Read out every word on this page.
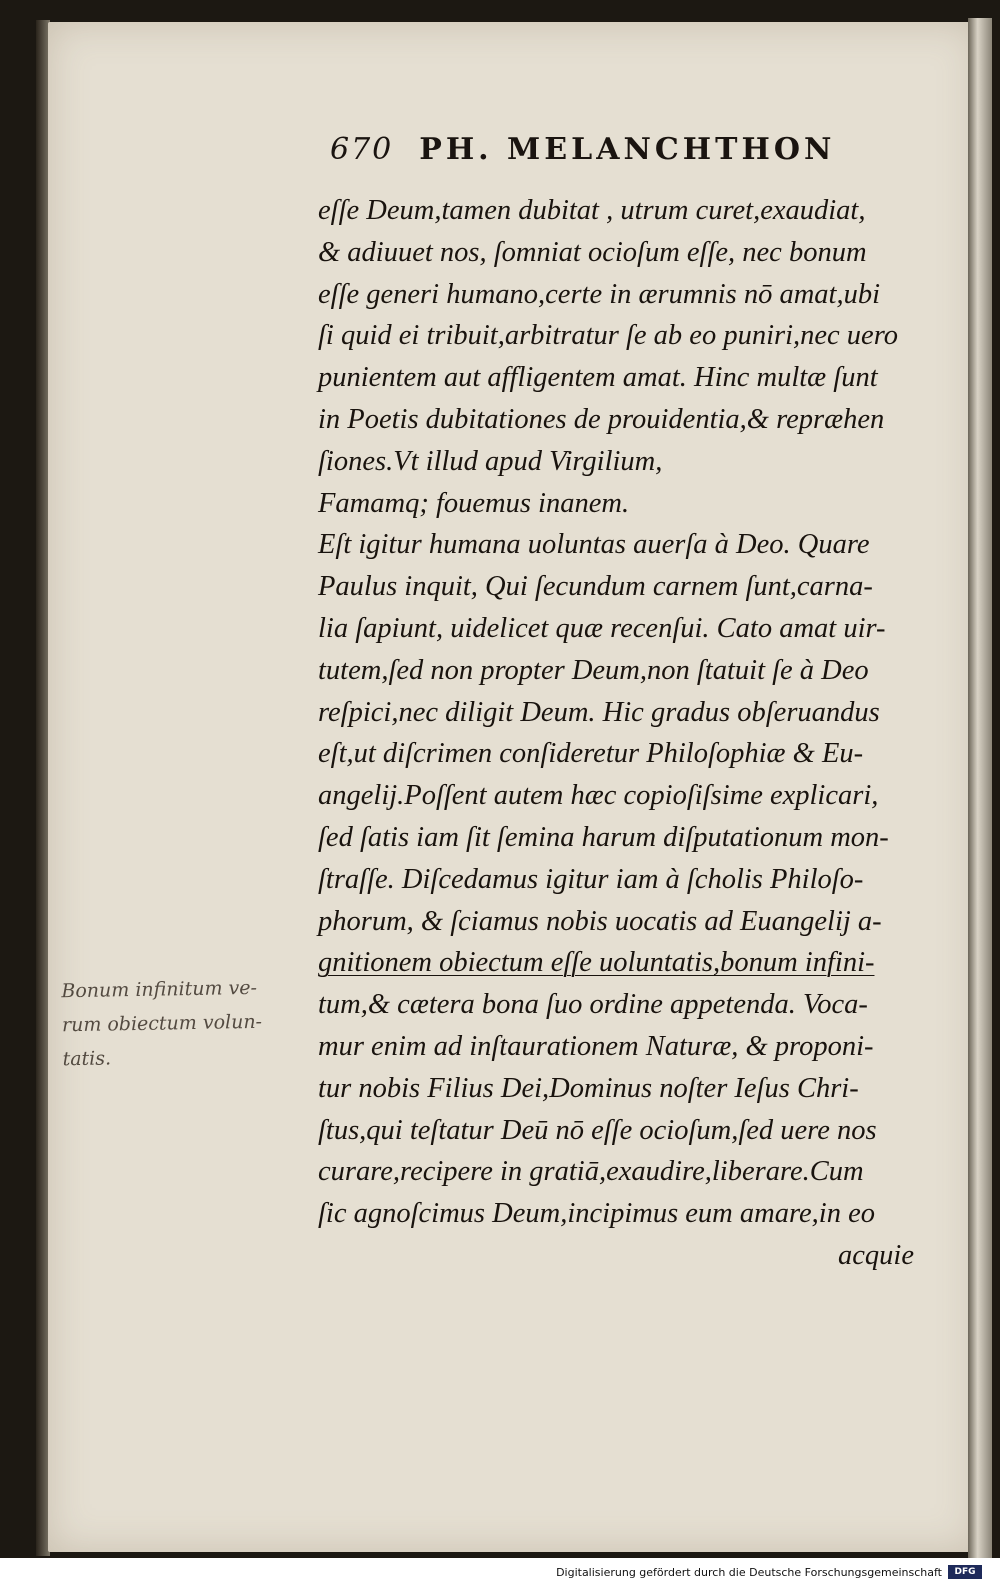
670 PH. MELANCHTHON
eſſe Deum,tamen dubitat , utrum curet,exaudiat,
& adiuuet nos, ſomniat ocioſum eſſe, nec bonum
eſſe generi humano,certe in ærumnis nō amat,ubi
ſi quid ei tribuit,arbitratur ſe ab eo puniri,nec uero
punientem aut affligentem amat. Hinc multæ ſunt
in Poetis dubitationes de prouidentia,& repræhen
ſiones.Vt illud apud Virgilium,
Famamq; fouemus inanem.
Eſt igitur humana uoluntas auerſa à Deo. Quare
Paulus inquit, Qui ſecundum carnem ſunt,carna-
lia ſapiunt, uidelicet quæ recenſui. Cato amat uir-
tutem,ſed non propter Deum,non ſtatuit ſe à Deo
reſpici,nec diligit Deum. Hic gradus obſeruandus
eſt,ut diſcrimen conſideretur Philoſophiæ & Eu-
angelij.Poſſent autem hæc copioſiſsime explicari,
ſed ſatis iam ſit ſemina harum diſputationum mon-
ſtraſſe. Diſcedamus igitur iam à ſcholis Philoſo-
phorum, & ſciamus nobis uocatis ad Euangelij a-
gnitionem obiectum eſſe uoluntatis,bonum infini-
tum,& cætera bona ſuo ordine appetenda. Voca-
mur enim ad inſtaurationem Naturæ, & proponi-
tur nobis Filius Dei,Dominus noſter Ieſus Chri-
ſtus,qui teſtatur Deū nō eſſe ocioſum,ſed uere nos
curare,recipere in gratiā,exaudire,liberare.Cum
ſic agnoſcimus Deum,incipimus eum amare,in eo
acquie
Bonum infinitum ve-
rum obiectum volun-
tatis.
Digitalisierung gefördert durch die Deutsche Forschungsgemeinschaft	DFG
